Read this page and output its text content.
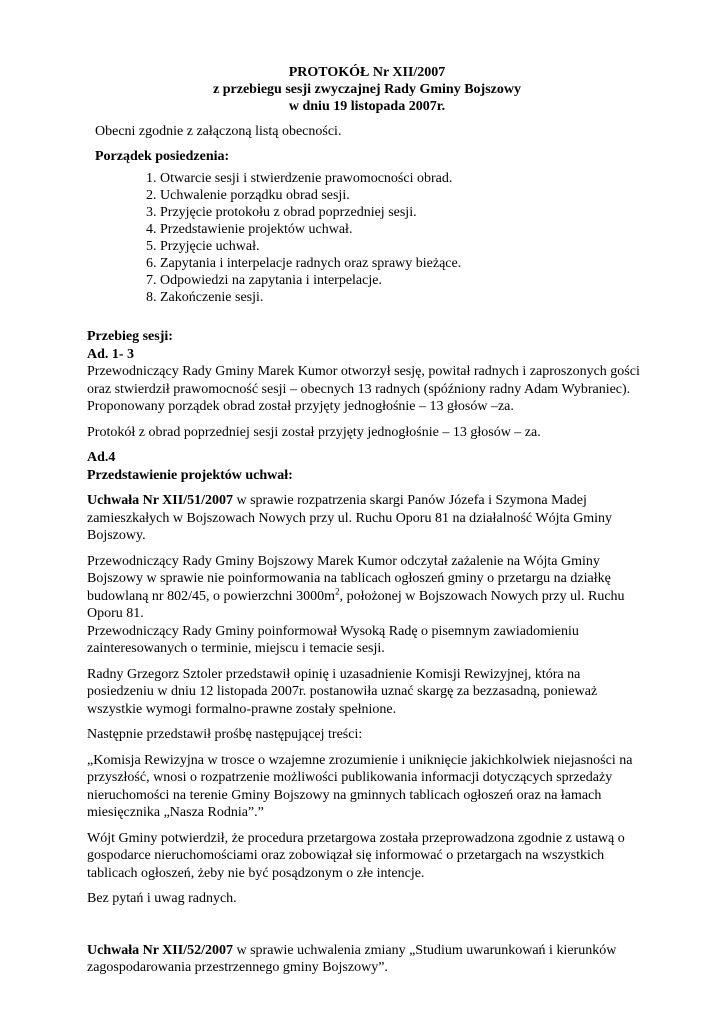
PROTOKÓŁ Nr XII/2007
z przebiegu sesji zwyczajnej Rady Gminy Bojszowy
w dniu 19 listopada 2007r.

Obecni zgodnie z załączoną listą obecności.

Porządek posiedzenia:
1. Otwarcie sesji i stwierdzenie prawomocności obrad.
2. Uchwalenie porządku obrad sesji.
3. Przyjęcie protokołu z obrad poprzedniej sesji.
4. Przedstawienie projektów uchwał.
5. Przyjęcie uchwał.
6. Zapytania i interpelacje radnych oraz sprawy bieżące.
7. Odpowiedzi na zapytania i interpelacje.
8. Zakończenie sesji.
Przebieg sesji:
Ad. 1- 3

Przewodniczący Rady Gminy Marek Kumor otworzył sesję, powitał radnych i zaproszonych gości oraz stwierdził prawomocność sesji – obecnych 13 radnych (spóźniony radny Adam Wybraniec).

Proponowany porządek obrad został przyjęty jednogłośnie – 13 głosów –za.

Protokół z obrad poprzedniej sesji został przyjęty jednogłośnie – 13 głosów – za.

Ad.4
Przedstawienie projektów uchwał:

Uchwała Nr XII/51/2007 w sprawie rozpatrzenia skargi Panów Józefa i Szymona Madej zamieszkałych w Bojszowach Nowych przy ul. Ruchu Oporu 81 na działalność Wójta Gminy Bojszowy.

Przewodniczący Rady Gminy Bojszowy Marek Kumor odczytał zażalenie na Wójta Gminy Bojszowy w sprawie nie poinformowania na tablicach ogłoszeń gminy o przetargu na działkę budowlaną nr 802/45, o powierzchni $3000m^2$, położonej w Bojszowach Nowych przy ul. Ruchu Oporu 81.

Przewodniczący Rady Gminy poinformował Wysoką Radę o pisemnym zawiadomieniu zainteresowanych o terminie, miejscu i temacie sesji.

Radny Grzegorz Sztoler przedstawił opinię i uzasadnienie Komisji Rewizyjnej, która na posiedzeniu w dniu 12 listopada 2007r. postanowiła uznać skargę za bezzasadną, ponieważ wszystkie wymogi formalno-prawne zostały spełnione.

Następnie przedstawił prośbę następującej treści:

„Komisja Rewizyjna w trosce o wzajemne zrozumienie i uniknięcie jakichkolwiek niejasności na przyszłość, wnosi o rozpatrzenie możliwości publikowania informacji dotyczących sprzedaży nieruchomości na terenie Gminy Bojszowy na gminnych tablicach ogłoszeń oraz na łamach miesięcznika „Nasza Rodnia”.”

Wójt Gminy potwierdził, że procedura przetargowa została przeprowadzona zgodnie z ustawą o gospodarce nieruchomościami oraz zobowiązał się informować o przetargach na wszystkich tablicach ogłoszeń, żeby nie być posądzonym o złe intencje.

Bez pytań i uwag radnych.

Uchwała Nr XII/52/2007 w sprawie uchwalenia zmiany „Studium uwarunkowań i kierunków zagospodarowania przestrzennego gminy Bojszowy”.
